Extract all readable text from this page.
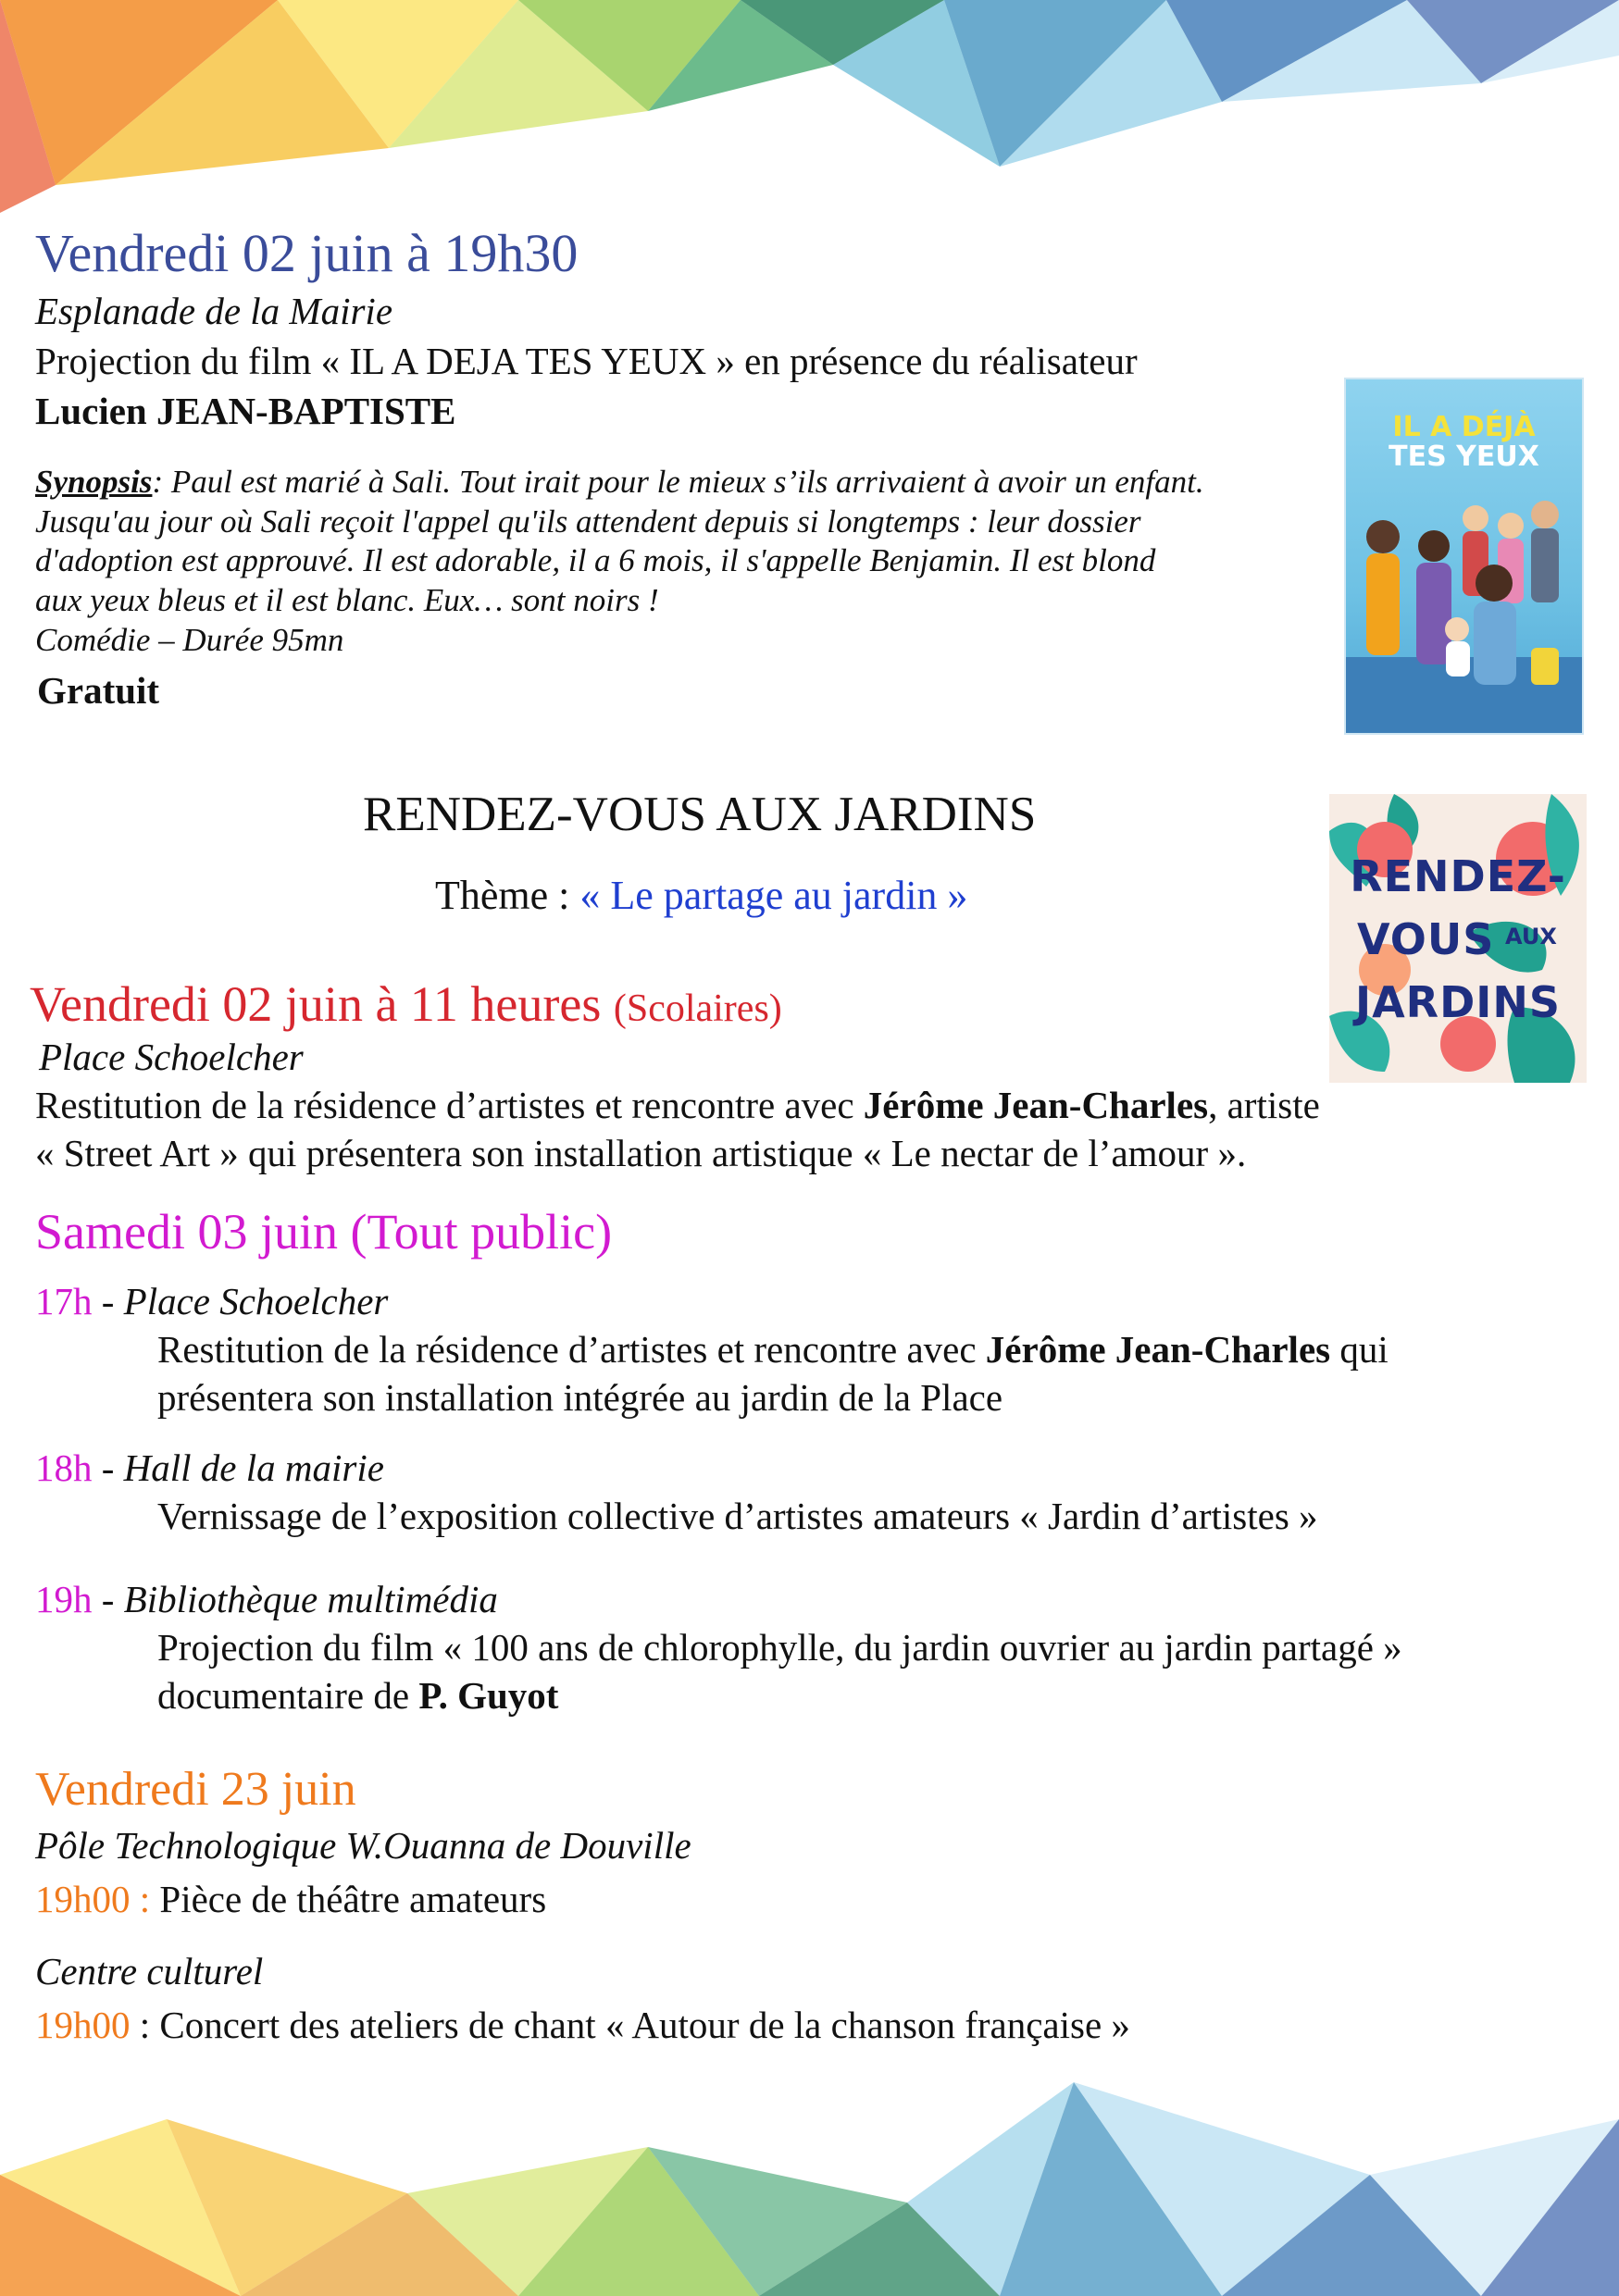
Vendredi 02 juin à 19h30
Esplanade de la Mairie
Projection du film « IL A DEJA TES YEUX » en présence du réalisateur
Lucien JEAN-BAPTISTE
Synopsis: Paul est marié à Sali. Tout irait pour le mieux s’ils arrivaient à avoir un enfant.
Jusqu'au jour où Sali reçoit l'appel qu'ils attendent depuis si longtemps : leur dossier
d'adoption est approuvé. Il est adorable, il a 6 mois, il s'appelle Benjamin. Il est blond
aux yeux bleus et il est blanc. Eux… sont noirs !
Comédie – Durée 95mn
Gratuit
IL A DÉJÀ
TES YEUX
RENDEZ-VOUS AUX JARDINS
Thème : « Le partage au jardin »	RENDEZ-
VOUS AUX
JARDINS
Vendredi 02 juin à 11 heures (Scolaires)
Place Schoelcher
Restitution de la résidence d’artistes et rencontre avec Jérôme Jean-Charles, artiste
« Street Art » qui présentera son installation artistique « Le nectar de l’amour ».
Samedi 03 juin (Tout public)
17h - Place Schoelcher
Restitution de la résidence d’artistes et rencontre avec Jérôme Jean-Charles qui
présentera son installation intégrée au jardin de la Place
18h - Hall de la mairie
Vernissage de l’exposition collective d’artistes amateurs « Jardin d’artistes »
19h - Bibliothèque multimédia
Projection du film « 100 ans de chlorophylle, du jardin ouvrier au jardin partagé »
documentaire de P. Guyot
Vendredi 23 juin
Pôle Technologique W.Ouanna de Douville
19h00 : Pièce de théâtre amateurs
Centre culturel
19h00 : Concert des ateliers de chant « Autour de la chanson française »
